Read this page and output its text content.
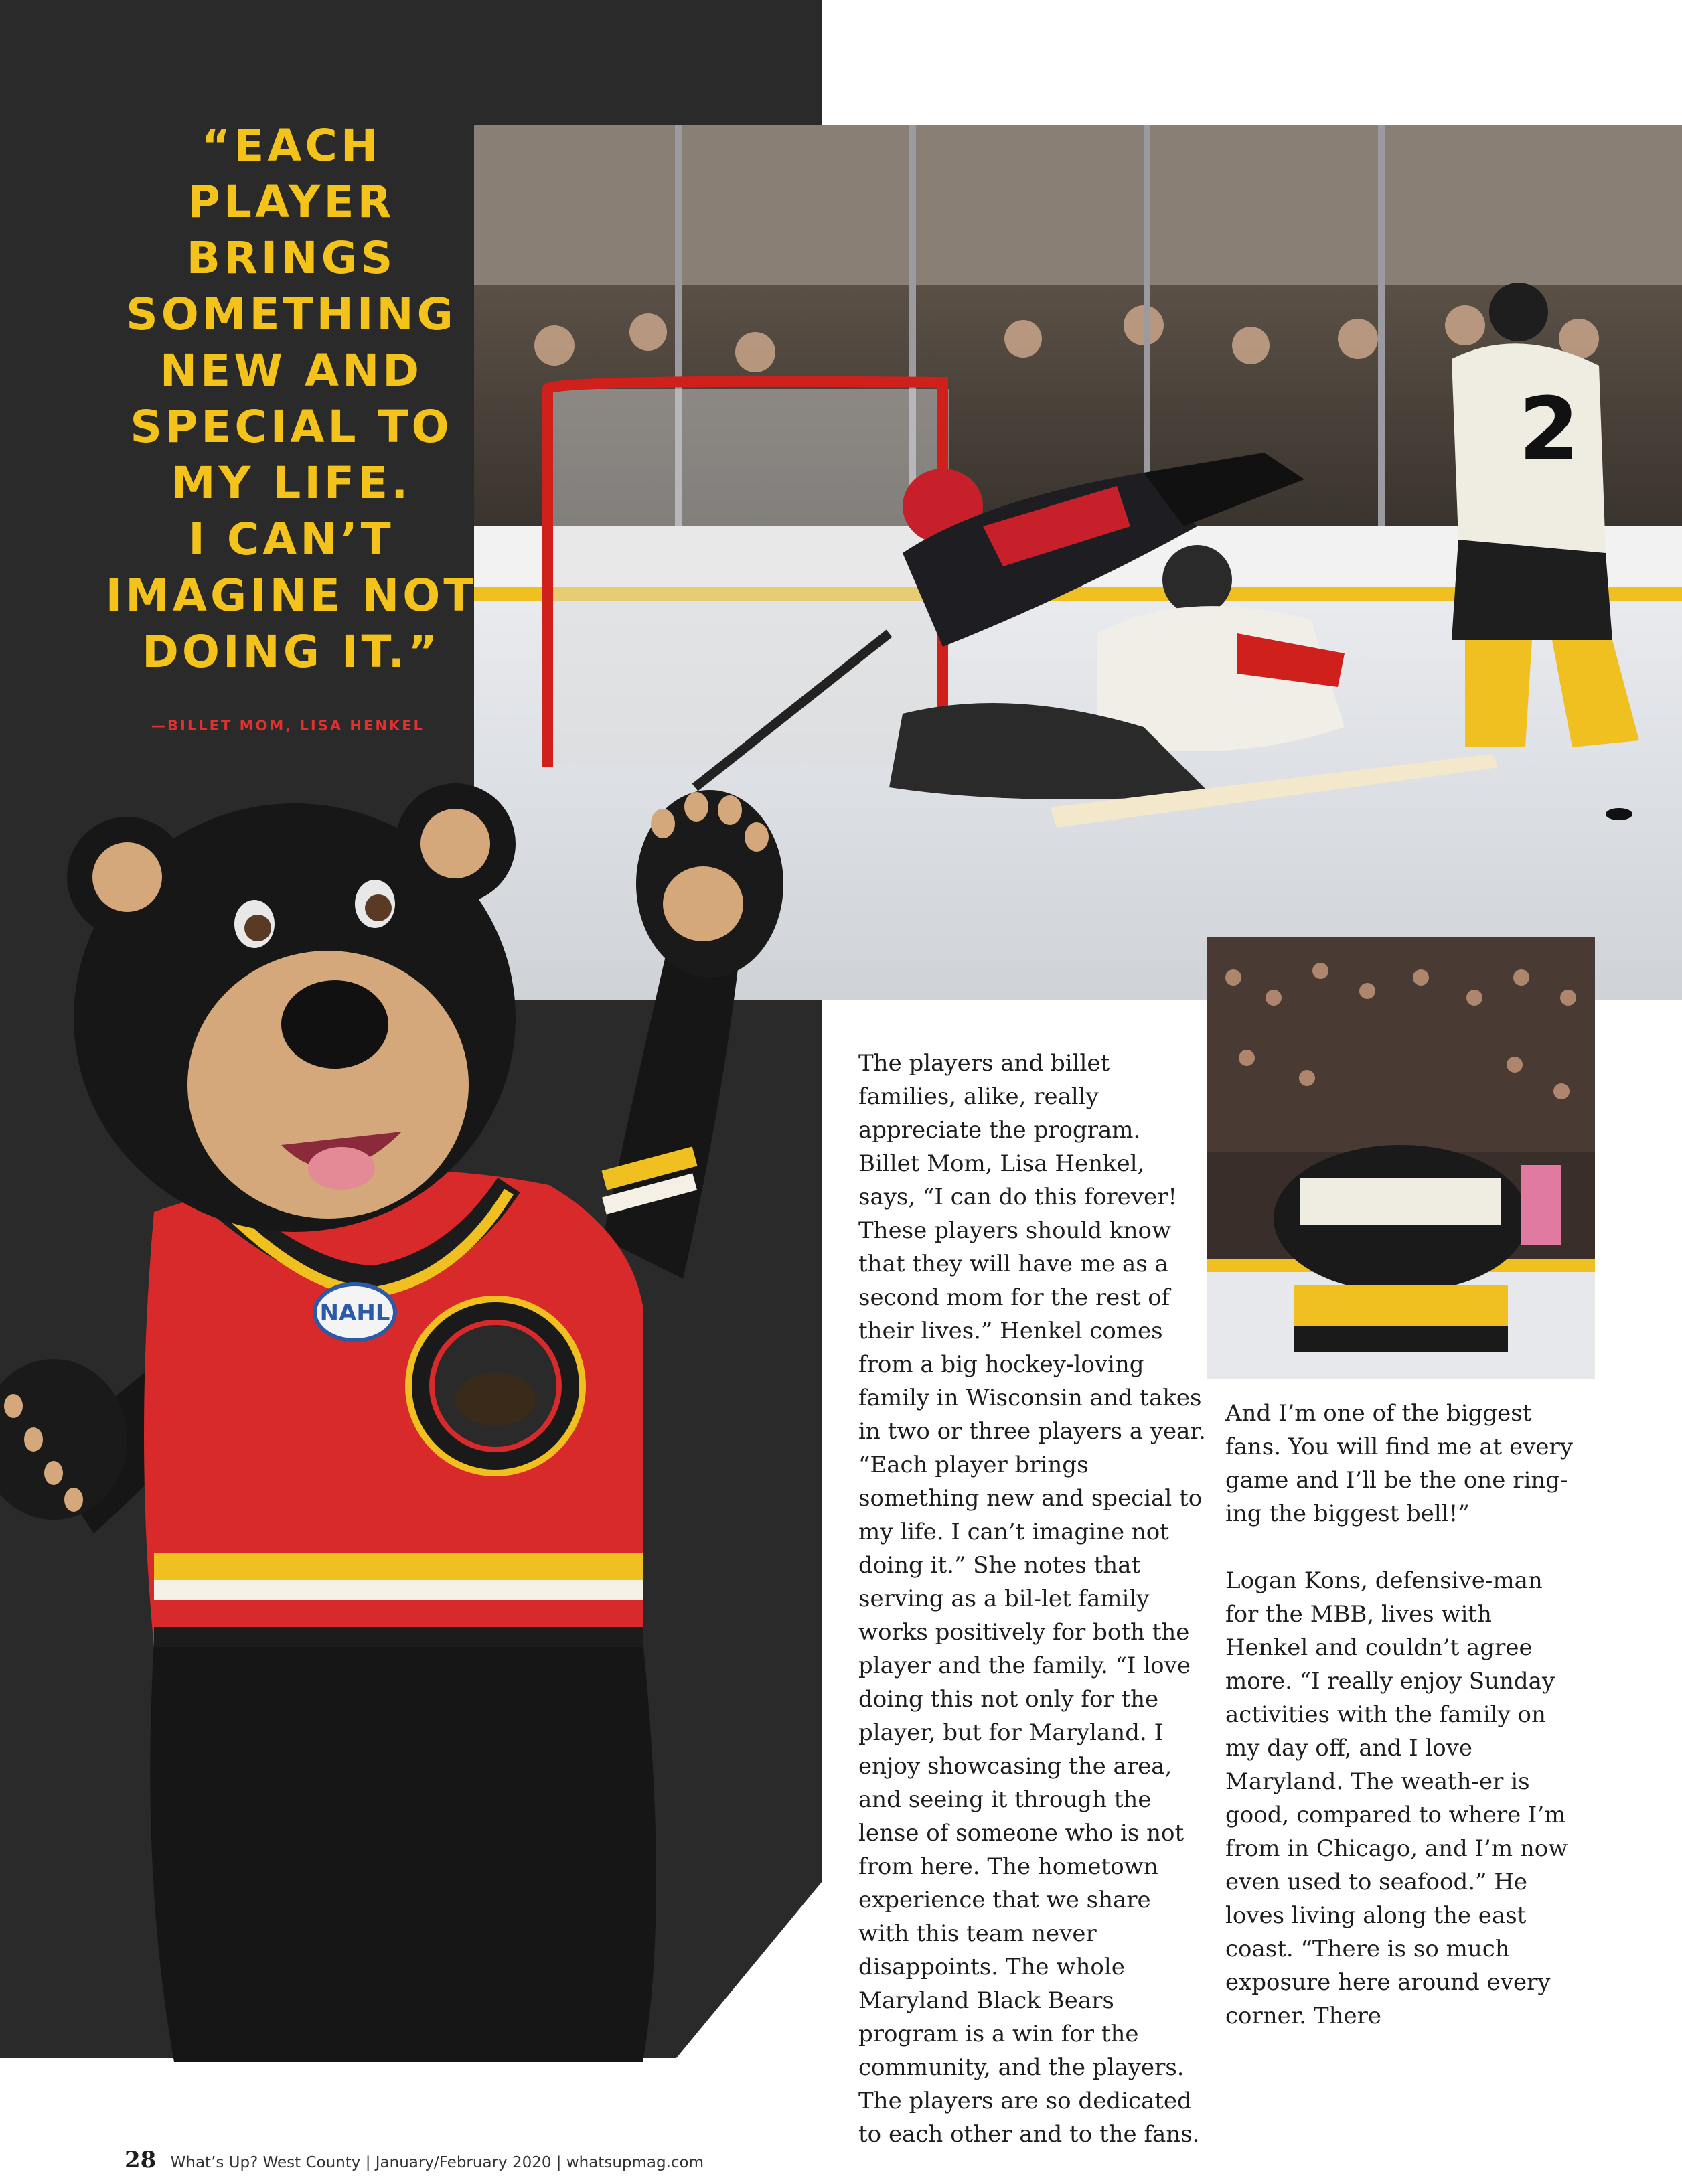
2
NAHL
“EACH
PLAYER
BRINGS
SOMETHING
NEW AND
SPECIAL TO
MY LIFE.
I CAN’T
IMAGINE NOT
DOING IT.”
—BILLET MOM, LISA HENKEL

The players and billet families, alike, really appreciate the program. Billet Mom, Lisa Henkel, says, “I can do this forever! These players should know that they will have me as a second mom for the rest of their lives.” Henkel comes from a big hockey-loving family in Wisconsin and takes in two or three players a year. “Each player brings something new and special to my life. I can’t imagine not doing it.” She notes that serving as a bil-let family works positively for both the player and the family. “I love doing this not only for the player, but for Maryland. I enjoy showcasing the area, and seeing it through the lense of someone who is not from here. The hometown experience that we share with this team never disappoints. The whole Maryland Black Bears program is a win for the community, and the players. The players are so dedicated to each other and to the fans.

And I’m one of the biggest fans. You will find me at every game and I’ll be the one ring-ing the biggest bell!”

Logan Kons, defensive-man for the MBB, lives with Henkel and couldn’t agree more. “I really enjoy Sunday activities with the family on my day off, and I love Maryland. The weath-er is good, compared to where I’m from in Chicago, and I’m now even used to seafood.” He loves living along the east coast. “There is so much exposure here around every corner. There

28 What’s Up? West County | January/February 2020 | whatsupmag.com
